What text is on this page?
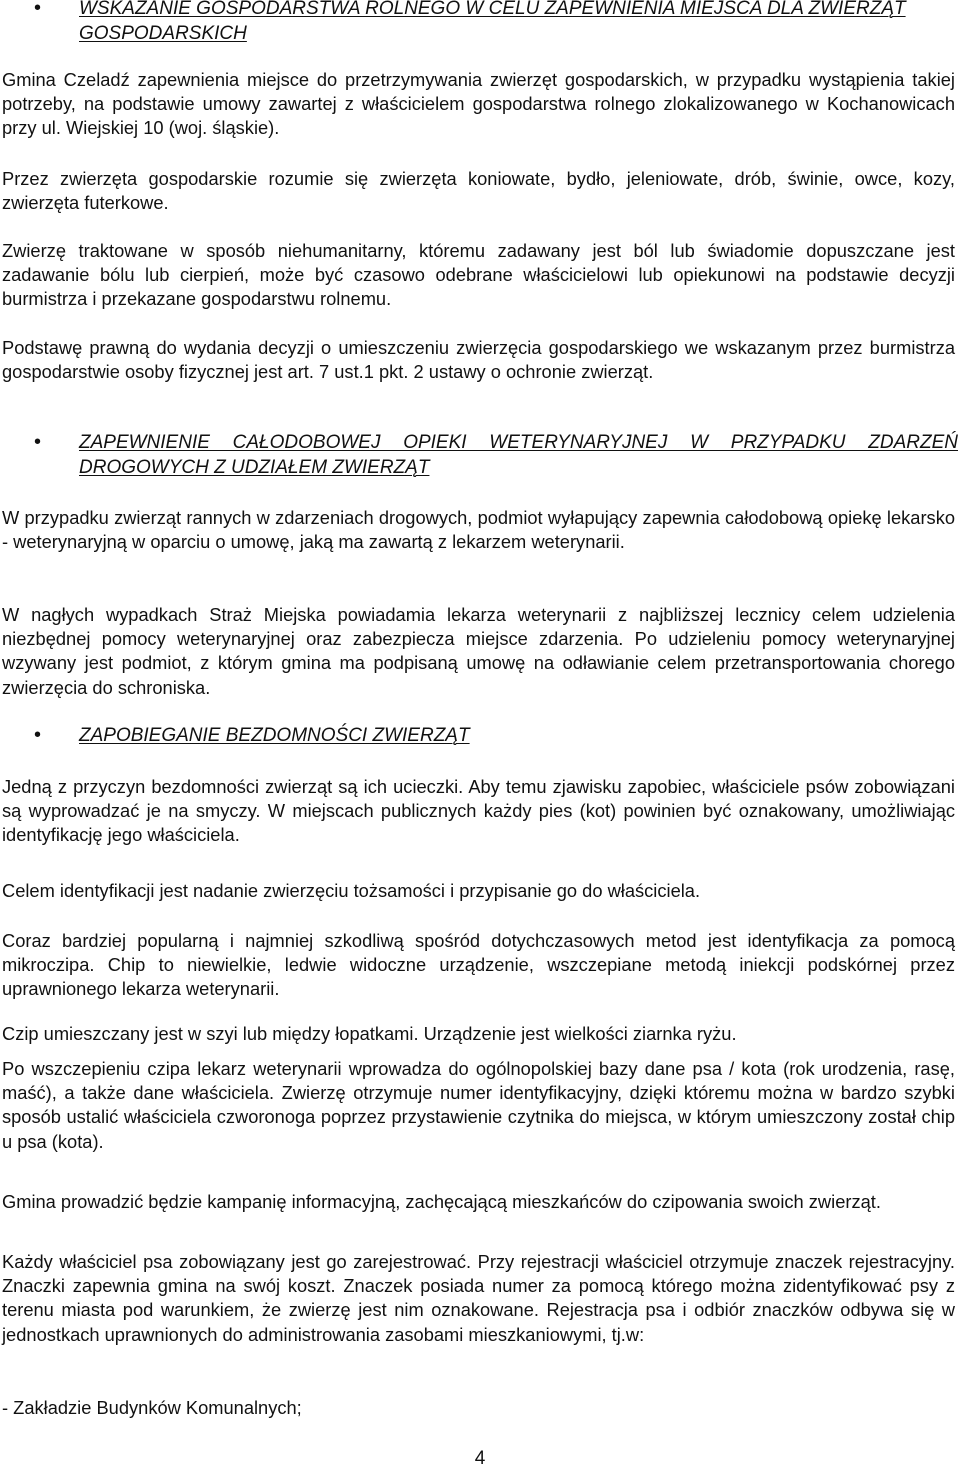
• WSKAZANIE GOSPODARSTWA ROLNEGO W CELU ZAPEWNIENIA MIEJSCA DLA ZWIERZĄT GOSPODARSKICH

Gmina Czeladź zapewnienia miejsce do przetrzymywania zwierzęt gospodarskich, w przypadku wystąpienia takiej potrzeby, na podstawie umowy zawartej z właścicielem gospodarstwa rolnego zlokalizowanego w Kochanowicach przy ul. Wiejskiej 10 (woj. śląskie).

Przez zwierzęta gospodarskie rozumie się zwierzęta koniowate, bydło, jeleniowate, drób, świnie, owce, kozy, zwierzęta futerkowe.

Zwierzę traktowane w sposób niehumanitarny, któremu zadawany jest ból lub świadomie dopuszczane jest zadawanie bólu lub cierpień, może być czasowo odebrane właścicielowi lub opiekunowi na podstawie decyzji burmistrza i przekazane gospodarstwu rolnemu.

Podstawę prawną do wydania decyzji o umieszczeniu zwierzęcia gospodarskiego we wskazanym przez burmistrza gospodarstwie osoby fizycznej jest art. 7 ust.1 pkt. 2 ustawy o ochronie zwierząt.

• ZAPEWNIENIE CAŁODOBOWEJ OPIEKI WETERYNARYJNEJ W PRZYPADKU ZDARZEŃ DROGOWYCH Z UDZIAŁEM ZWIERZĄT

W przypadku zwierząt rannych w zdarzeniach drogowych, podmiot wyłapujący zapewnia całodobową opiekę lekarsko - weterynaryjną w oparciu o umowę, jaką ma zawartą z lekarzem weterynarii.

W nagłych wypadkach Straż Miejska powiadamia lekarza weterynarii z najbliższej lecznicy celem udzielenia niezbędnej pomocy weterynaryjnej oraz zabezpiecza miejsce zdarzenia. Po udzieleniu pomocy weterynaryjnej wzywany jest podmiot, z którym gmina ma podpisaną umowę na odławianie celem przetransportowania chorego zwierzęcia do schroniska.

• ZAPOBIEGANIE BEZDOMNOŚCI ZWIERZĄT

Jedną z przyczyn bezdomności zwierząt są ich ucieczki. Aby temu zjawisku zapobiec, właściciele psów zobowiązani są wyprowadzać je na smyczy. W miejscach publicznych każdy pies (kot) powinien być oznakowany, umożliwiając identyfikację jego właściciela.

Celem identyfikacji jest nadanie zwierzęciu tożsamości i przypisanie go do właściciela.

Coraz bardziej popularną i najmniej szkodliwą spośród dotychczasowych metod jest identyfikacja za pomocą mikroczipa. Chip to niewielkie, ledwie widoczne urządzenie, wszczepiane metodą iniekcji podskórnej przez uprawnionego lekarza weterynarii.

Czip umieszczany jest w szyi lub między łopatkami. Urządzenie jest wielkości ziarnka ryżu.

Po wszczepieniu czipa lekarz weterynarii wprowadza do ogólnopolskiej bazy dane psa / kota (rok urodzenia, rasę, maść), a także dane właściciela. Zwierzę otrzymuje numer identyfikacyjny, dzięki któremu można w bardzo szybki sposób ustalić właściciela czworonoga poprzez przystawienie czytnika do miejsca, w którym umieszczony został chip u psa (kota).

Gmina prowadzić będzie kampanię informacyjną, zachęcającą mieszkańców do czipowania swoich zwierząt.

Każdy właściciel psa zobowiązany jest go zarejestrować. Przy rejestracji właściciel otrzymuje znaczek rejestracyjny. Znaczki zapewnia gmina na swój koszt. Znaczek posiada numer za pomocą którego można zidentyfikować psy z terenu miasta pod warunkiem, że zwierzę jest nim oznakowane. Rejestracja psa i odbiór znaczków odbywa się w jednostkach uprawnionych do administrowania zasobami mieszkaniowymi, tj.w:

- Zakładzie Budynków Komunalnych;

4
